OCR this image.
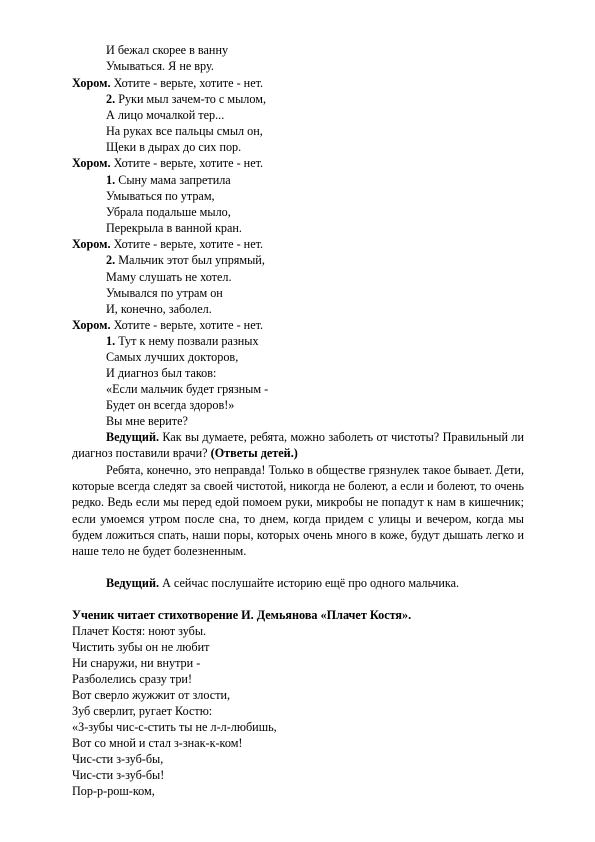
И бежал скорее в ванну
Умываться. Я не вру.
Хором. Хотите - верьте, хотите - нет.
2. Руки мыл зачем-то с мылом,
А лицо мочалкой тер...
На руках все пальцы смыл он,
Щеки в дырах до сих пор.
Хором. Хотите - верьте, хотите - нет.
1. Сыну мама запретила
Умываться по утрам,
Убрала подальше мыло,
Перекрыла в ванной кран.
Хором. Хотите - верьте, хотите - нет.
2. Мальчик этот был упрямый,
Маму слушать не хотел.
Умывался по утрам он
И, конечно, заболел.
Хором. Хотите - верьте, хотите - нет.
1. Тут к нему позвали разных
Самых лучших докторов,
И диагноз был таков:
«Если мальчик будет грязным -
Будет он всегда здоров!»
Вы мне верите?
Ведущий. Как вы думаете, ребята, можно заболеть от чистоты? Правильный ли диагноз поставили врачи? (Ответы детей.)
Ребята, конечно, это неправда! Только в обществе грязнулек такое бывает. Дети, которые всегда следят за своей чистотой, никогда не болеют, а если и болеют, то очень редко. Ведь если мы перед едой помоем руки, микробы не попадут к нам в кишечник; если умоемся утром после сна, то днем, когда придем с улицы и вечером, когда мы будем ложиться спать, наши поры, которых очень много в коже, будут дышать легко и наше тело не будет болезненным.
Ведущий. А сейчас послушайте историю ещё про одного мальчика.
Ученик читает стихотворение И. Демьянова «Плачет Костя».
Плачет Костя: ноют зубы.
Чистить зубы он не любит
Ни снаружи, ни внутри -
Разболелись сразу три!
Вот сверло жужжит от злости,
Зуб сверлит, ругает Костю:
«З-зубы чис-с-стить ты не л-л-любишь,
Вот со мной и стал з-знак-к-ком!
Чис-сти з-зуб-бы,
Чис-сти з-зуб-бы!
Пор-р-рош-ком,
